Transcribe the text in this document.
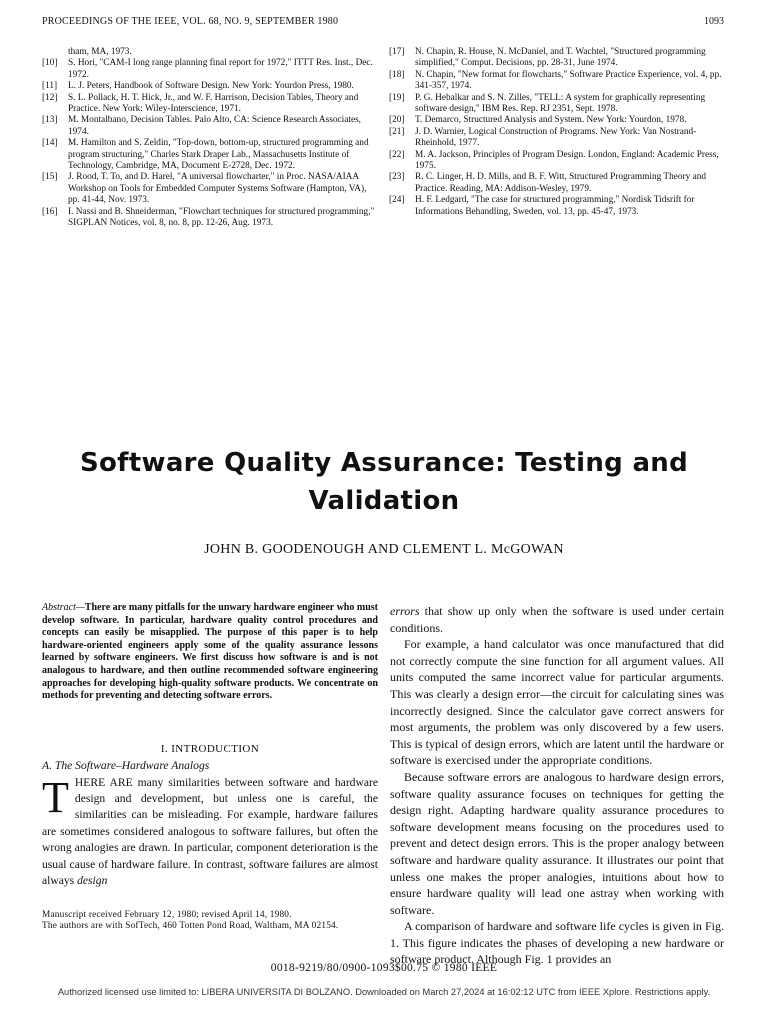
PROCEEDINGS OF THE IEEE, VOL. 68, NO. 9, SEPTEMBER 1980	1093
tham, MA, 1973.
[10]	S. Hori, "CAM-I long range planning final report for 1972," ITTT Res. Inst., Dec. 1972.
[11]	L. J. Peters, Handbook of Software Design. New York: Yourdon Press, 1980.
[12]	S. L. Pollack, H. T. Hick, Jr., and W. F. Harrison, Decision Tables, Theory and Practice. New York: Wiley-Interscience, 1971.
[13]	M. Montalbano, Decision Tables. Palo Alto, CA: Science Research Associates, 1974.
[14]	M. Hamilton and S. Zeldin, "Top-down, bottom-up, structured programming and program structuring," Charles Stark Draper Lab., Massachusetts Institute of Technology, Cambridge, MA, Document E-2728, Dec. 1972.
[15]	J. Rood, T. To, and D. Harel, "A universal flowcharter," in Proc. NASA/AIAA Workshop on Tools for Embedded Computer Systems Software (Hampton, VA), pp. 41-44, Nov. 1973.
[16]	I. Nassi and B. Shneiderman, "Flowchart techniques for structured programming," SIGPLAN Notices, vol. 8, no. 8, pp. 12-26, Aug. 1973.
[17]	N. Chapin, R. House, N. McDaniel, and T. Wachtel, "Structured programming simplified," Comput. Decisions, pp. 28-31, June 1974.
[18]	N. Chapin, "New format for flowcharts," Software Practice Experience, vol. 4, pp. 341-357, 1974.
[19]	P. G. Hebalkar and S. N. Zilles, "TELL: A system for graphically representing software design," IBM Res. Rep. RJ 2351, Sept. 1978.
[20]	T. Demarco, Structured Analysis and System. New York: Yourdon, 1978.
[21]	J. D. Warnier, Logical Construction of Programs. New York: Van Nostrand-Rheinhold, 1977.
[22]	M. A. Jackson, Principles of Program Design. London, England: Academic Press, 1975.
[23]	R. C. Linger, H. D. Mills, and B. F. Witt, Structured Programming Theory and Practice. Reading, MA: Addison-Wesley, 1979.
[24]	H. F. Ledgard, "The case for structured programming," Nordisk Tidsrift for Informations Behandling, Sweden, vol. 13, pp. 45-47, 1973.
Software Quality Assurance: Testing and
Validation
JOHN B. GOODENOUGH AND CLEMENT L. McGOWAN
Abstract—There are many pitfalls for the unwary hardware engineer who must develop software. In particular, hardware quality control procedures and concepts can easily be misapplied. The purpose of this paper is to help hardware-oriented engineers apply some of the quality assurance lessons learned by software engineers. We first discuss how software is and is not analogous to hardware, and then outline recommended software engineering approaches for developing high-quality software products. We concentrate on methods for preventing and detecting software errors.
I. INTRODUCTION
A. The Software–Hardware Analogs

THERE ARE many similarities between software and hardware design and development, but unless one is careful, the similarities can be misleading. For example, hardware failures are sometimes considered analogous to software failures, but often the wrong analogies are drawn. In particular, component deterioration is the usual cause of hardware failure. In contrast, software failures are almost always design

errors that show up only when the software is used under certain conditions.

For example, a hand calculator was once manufactured that did not correctly compute the sine function for all argument values. All units computed the same incorrect value for particular arguments. This was clearly a design error—the circuit for calculating sines was incorrectly designed. Since the calculator gave correct answers for most arguments, the problem was only discovered by a few users. This is typical of design errors, which are latent until the hardware or software is exercised under the appropriate conditions.

Because software errors are analogous to hardware design errors, software quality assurance focuses on techniques for getting the design right. Adapting hardware quality assurance procedures to software development means focusing on the procedures used to prevent and detect design errors. This is the proper analogy between software and hardware quality assurance. It illustrates our point that unless one makes the proper analogies, intuitions about how to ensure hardware quality will lead one astray when working with software.

A comparison of hardware and software life cycles is given in Fig. 1. This figure indicates the phases of developing a new hardware or software product. Although Fig. 1 provides an

Manuscript received February 12, 1980; revised April 14, 1980.
The authors are with SofTech, 460 Totten Pond Road, Waltham, MA 02154.
0018-9219/80/0900-1093$00.75 © 1980 IEEE
Authorized licensed use limited to: LIBERA UNIVERSITA DI BOLZANO. Downloaded on March 27,2024 at 16:02:12 UTC from IEEE Xplore. Restrictions apply.
